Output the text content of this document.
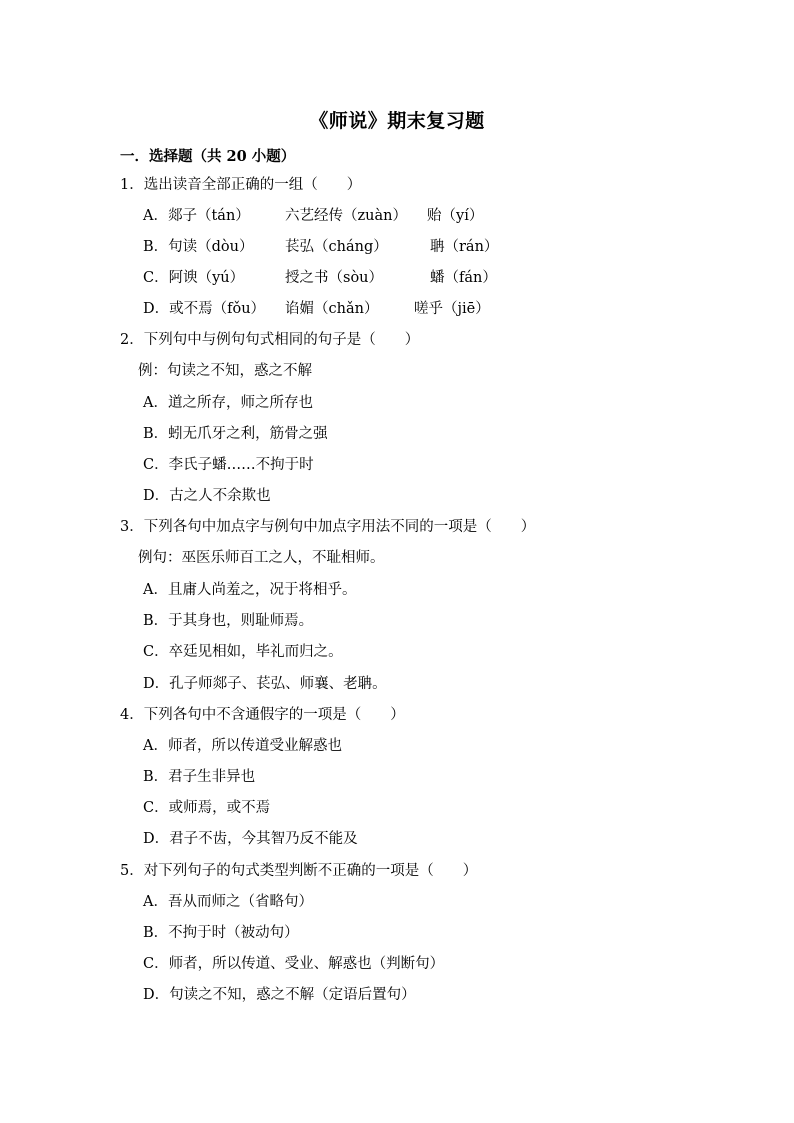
《师说》期末复习题
一．选择题（共 20 小题）
1．选出读音全部正确的一组（　　）
A．郯子（tán） 六艺经传（zuàn） 贻（yí）
B．句读（dòu） 苌弘（cháng）	聃（rán）
C．阿谀（yú）	授之书（sòu）	蟠（fán）
D．或不焉（fǒu） 谄媚（chǎn） 嗟乎（jiē）
2．下列句中与例句句式相同的句子是（　　）
例：句读之不知，惑之不解
A．道之所存，师之所存也
B．蚓无爪牙之利，筋骨之强
C．李氏子蟠……不拘于时
D．古之人不余欺也
3．下列各句中加点字与例句中加点字用法不同的一项是（　　）
例句：巫医乐师百工之人，不耻相师。
A．且庸人尚羞之，况于将相乎。
B．于其身也，则耻师焉。
C．卒廷见相如，毕礼而归之。
D．孔子师郯子、苌弘、师襄、老聃。
4．下列各句中不含通假字的一项是（　　）
A．师者，所以传道受业解惑也
B．君子生非异也
C．或师焉，或不焉
D．君子不齿，今其智乃反不能及
5．对下列句子的句式类型判断不正确的一项是（　　）
A．吾从而师之（省略句）
B．不拘于时（被动句）
C．师者，所以传道、受业、解惑也（判断句）
D．句读之不知，惑之不解（定语后置句）
